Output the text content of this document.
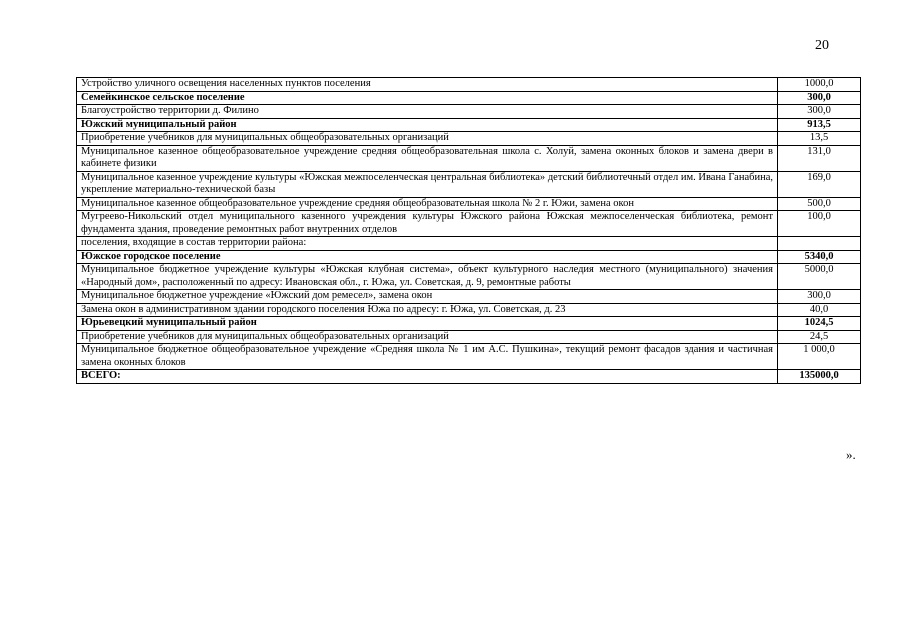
20
Устройство уличного освещения населенных пунктов поселения	1000,0
Семейкинское сельское поселение	300,0
Благоустройство территории д. Филино	300,0
Южский муниципальный район	913,5
Приобретение учебников для муниципальных общеобразовательных организаций	13,5
Муниципальное казенное общеобразовательное учреждение средняя общеобразовательная школа с. Холуй, замена оконных блоков и замена двери в кабинете физики	131,0
Муниципальное казенное учреждение культуры «Южская межпоселенческая центральная библиотека» детский библиотечный отдел им. Ивана Ганабина, укрепление материально-технической базы	169,0
Муниципальное казенное общеобразовательное учреждение средняя общеобразовательная школа № 2 г. Южи, замена окон	500,0
Мугреево-Никольский отдел муниципального казенного учреждения культуры Южского района Южская межпоселенческая библиотека, ремонт фундамента здания, проведение ремонтных работ внутренних отделов	100,0
поселения, входящие в состав территории района:	
Южское городское поселение	5340,0
Муниципальное бюджетное учреждение культуры «Южская клубная система», объект культурного наследия местного (муниципального) значения «Народный дом», расположенный по адресу: Ивановская обл., г. Южа, ул. Советская, д. 9, ремонтные работы	5000,0
Муниципальное бюджетное учреждение «Южский дом ремесел», замена окон	300,0
Замена окон в административном здании городского поселения Южа по адресу: г. Южа, ул. Советская, д. 23	40,0
Юрьевецкий муниципальный район	1024,5
Приобретение учебников для муниципальных общеобразовательных организаций	24,5
Муниципальное бюджетное общеобразовательное учреждение «Средняя школа № 1 им А.С. Пушкина», текущий ремонт фасадов здания и частичная замена оконных блоков	1 000,0
ВСЕГО:	135000,0
».
